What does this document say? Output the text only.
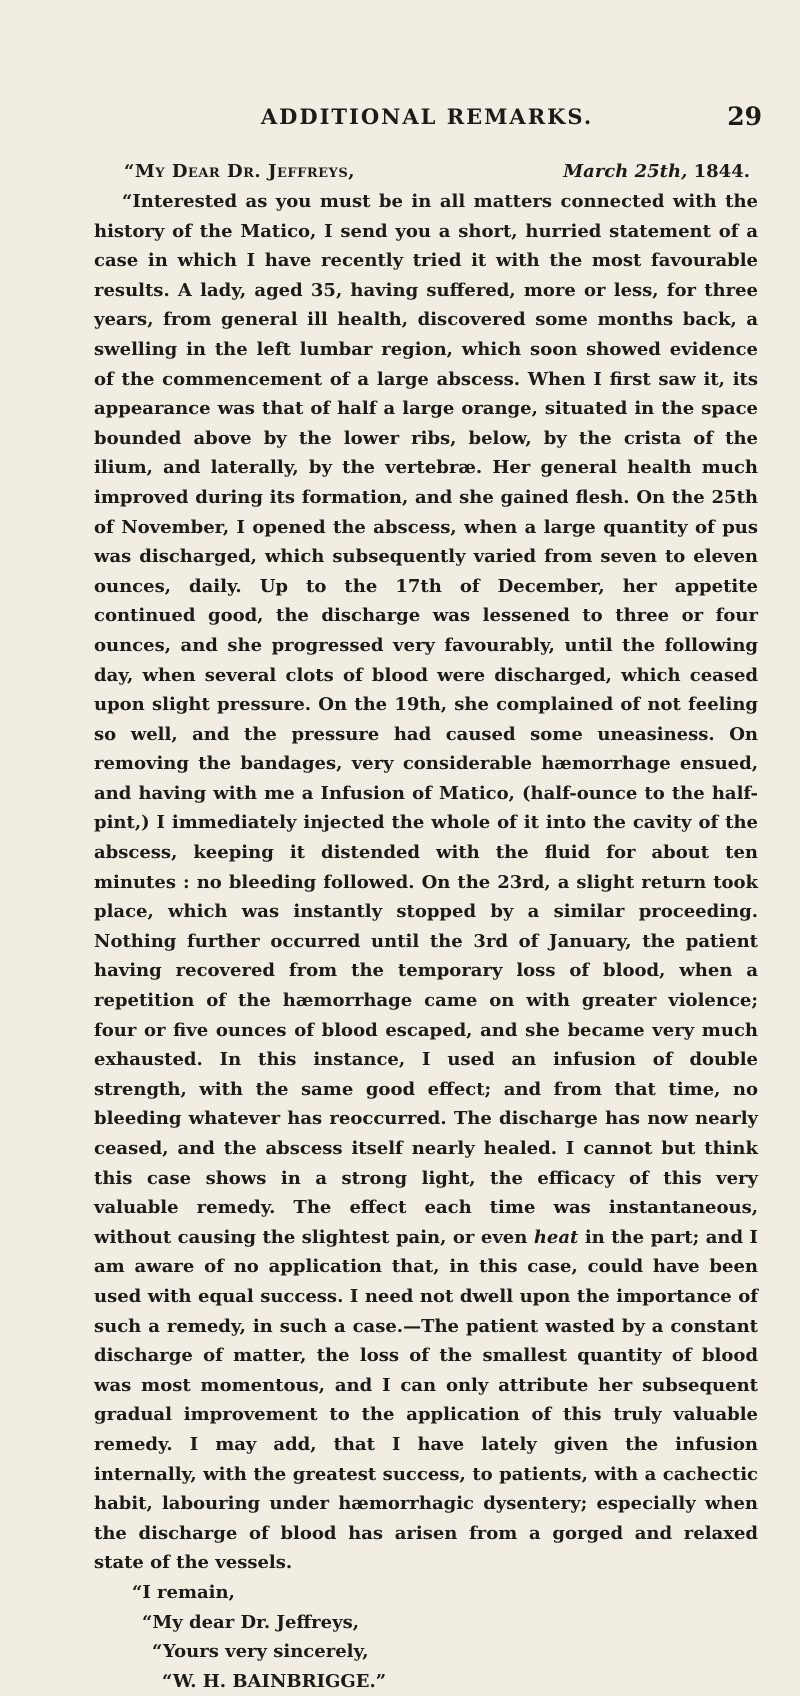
ADDITIONAL REMARKS.	29
“My Dear Dr. Jeffreys,	March 25th, 1844.

“Interested as you must be in all matters connected with the history of the Matico, I send you a short, hurried statement of a case in which I have recently tried it with the most favourable results. A lady, aged 35, having suffered, more or less, for three years, from general ill health, discovered some months back, a swelling in the left lumbar region, which soon showed evidence of the commencement of a large abscess. When I first saw it, its appearance was that of half a large orange, situated in the space bounded above by the lower ribs, below, by the crista of the ilium, and laterally, by the vertebræ. Her general health much improved during its formation, and she gained flesh. On the 25th of November, I opened the abscess, when a large quantity of pus was discharged, which subsequently varied from seven to eleven ounces, daily. Up to the 17th of December, her appetite continued good, the discharge was lessened to three or four ounces, and she progressed very favourably, until the following day, when several clots of blood were discharged, which ceased upon slight pressure. On the 19th, she complained of not feeling so well, and the pressure had caused some uneasiness. On removing the bandages, very considerable hæmorrhage ensued, and having with me a Infusion of Matico, (half-ounce to the half-pint,) I immediately injected the whole of it into the cavity of the abscess, keeping it distended with the fluid for about ten minutes : no bleeding followed. On the 23rd, a slight return took place, which was instantly stopped by a similar proceeding. Nothing further occurred until the 3rd of January, the patient having recovered from the temporary loss of blood, when a repetition of the hæmorrhage came on with greater violence; four or five ounces of blood escaped, and she became very much exhausted. In this instance, I used an infusion of double strength, with the same good effect; and from that time, no bleeding whatever has reoccurred. The discharge has now nearly ceased, and the abscess itself nearly healed. I cannot but think this case shows in a strong light, the efficacy of this very valuable remedy. The effect each time was instantaneous, without causing the slightest pain, or even heat in the part; and I am aware of no application that, in this case, could have been used with equal success. I need not dwell upon the importance of such a remedy, in such a case.—The patient wasted by a constant discharge of matter, the loss of the smallest quantity of blood was most momentous, and I can only attribute her subsequent gradual improvement to the application of this truly valuable remedy. I may add, that I have lately given the infusion internally, with the greatest success, to patients, with a cachectic habit, labouring under hæmorrhagic dysentery; especially when the discharge of blood has arisen from a gorged and relaxed state of the vessels.

“I remain,
“My dear Dr. Jeffreys,
“Yours very sincerely,
“W. H. BAINBRIGGE.”
